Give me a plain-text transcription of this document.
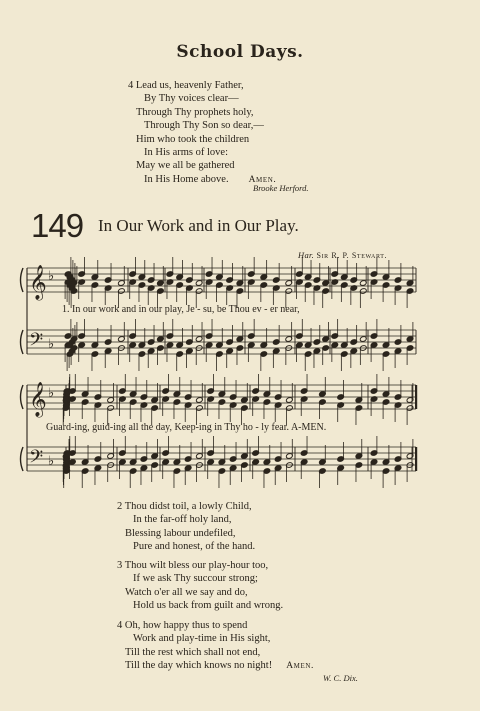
School Days.
4 Lead us, heavenly Father,
By Thy voices clear—
Through Thy prophets holy,
Through Thy Son so dear,—
Him who took the children
In His arms of love:
May we all be gathered
In His Home above. Amen.
Brooke Herford.
149 In Our Work and in Our Play.
Har. Sir R. P. Stewart.
𝄞
𝄢
♭
♭
𝄞
𝄢
♭
♭
1. In our work and in our play, Je - su, be Thou ev - er near,
Guard-ing, guid-ing all the day, Keep-ing in Thy ho - ly fear. A-MEN.
2 Thou didst toil, a lowly Child,
In the far-off holy land,
Blessing labour undefiled,
Pure and honest, of the hand.
3 Thou wilt bless our play-hour too,
If we ask Thy succour strong;
Watch o'er all we say and do,
Hold us back from guilt and wrong.
4 Oh, how happy thus to spend
Work and play-time in His sight,
Till the rest which shall not end,
Till the day which knows no night! Amen.
W. C. Dix.
